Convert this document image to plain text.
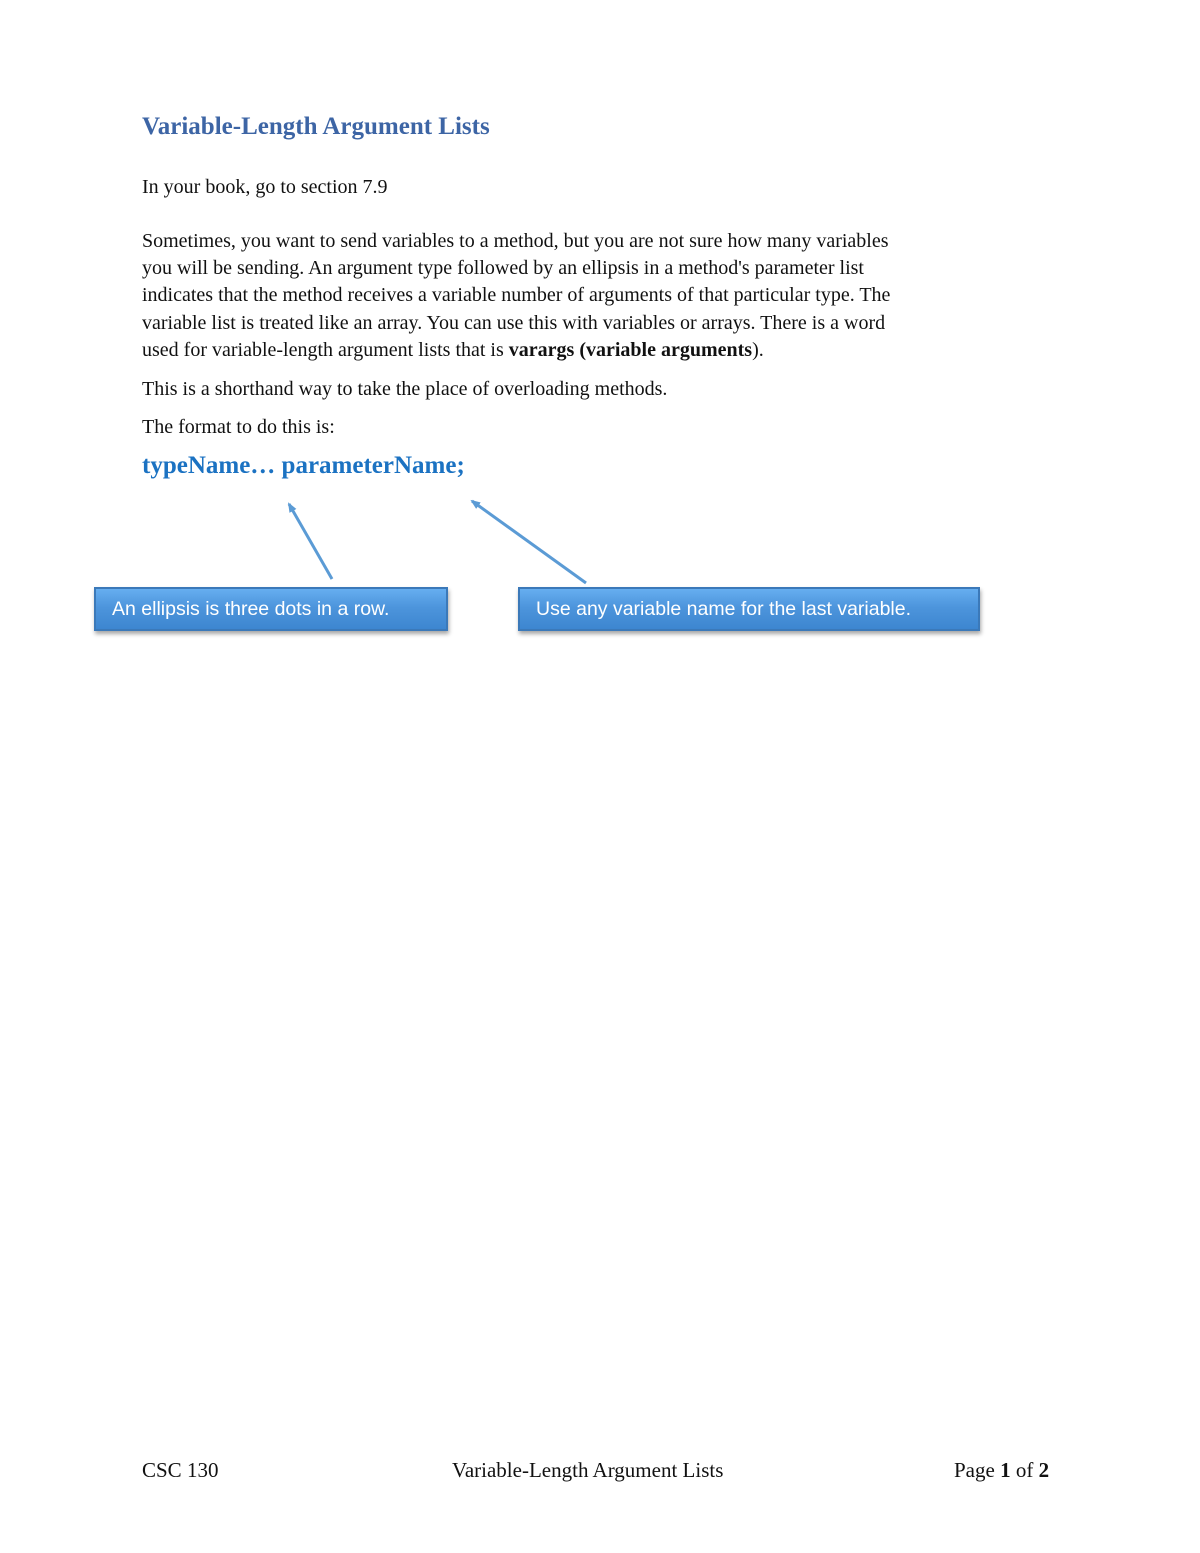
Variable-Length Argument Lists

In your book, go to section 7.9

Sometimes, you want to send variables to a method, but you are not sure how many variables
you will be sending. An argument type followed by an ellipsis in a method's parameter list
indicates that the method receives a variable number of arguments of that particular type. The
variable list is treated like an array. You can use this with variables or arrays. There is a word
used for variable-length argument lists that is varargs (variable arguments).

This is a shorthand way to take the place of overloading methods.

The format to do this is:

typeName… parameterName;
An ellipsis is three dots in a row.	Use any variable name for the last variable.
CSC 130	Variable-Length Argument Lists	Page 1 of 2
